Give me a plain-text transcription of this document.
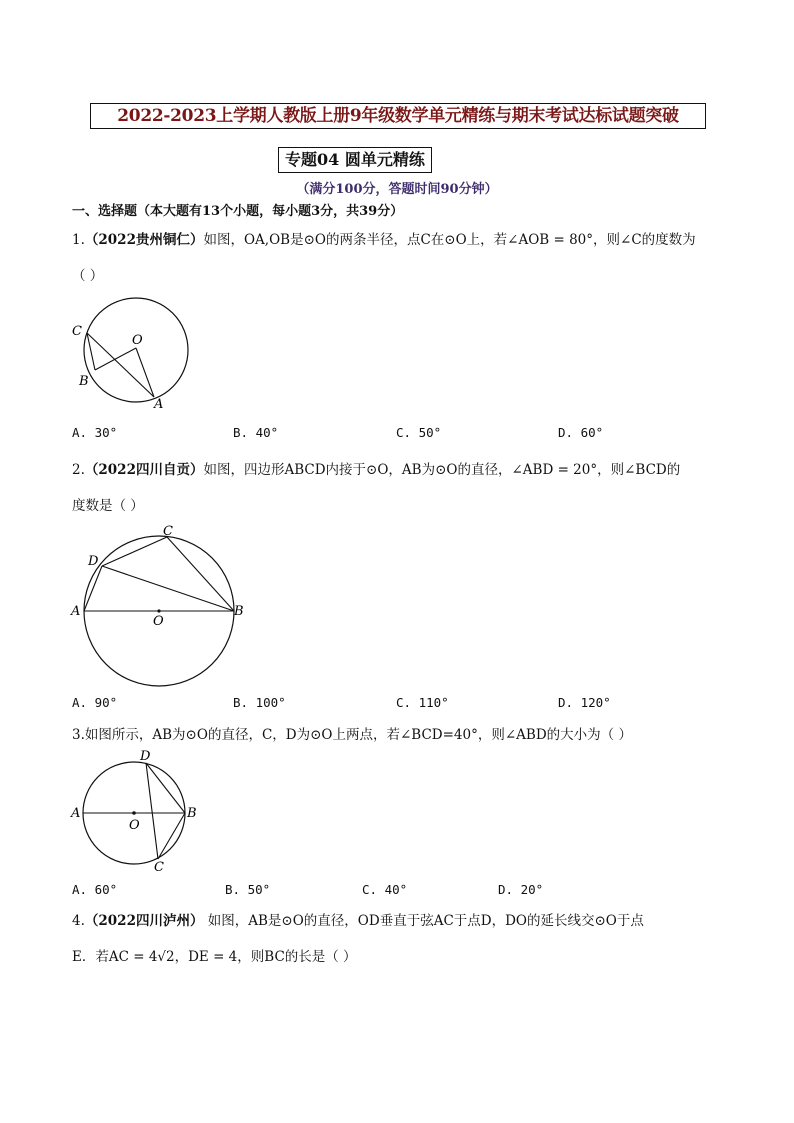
2022-2023上学期人教版上册9年级数学单元精练与期末考试达标试题突破
专题04 圆单元精练
（满分100分，答题时间90分钟）
一、选择题（本大题有13个小题，每小题3分，共39分）
1.（2022贵州铜仁）如图，OA,OB是⊙O的两条半径，点C在⊙O上，若∠AOB = 80°，则∠C的度数为
（ ）
C
O
B
A
A. 30°	B. 40°	C. 50°	D. 60°
2.（2022四川自贡）如图，四边形ABCD内接于⊙O，AB为⊙O的直径，∠ABD = 20°，则∠BCD的
度数是（ ）
C
D
A	B
O
A. 90°	B. 100°	C. 110°	D. 120°
3.如图所示，AB为⊙O的直径，C，D为⊙O上两点，若∠BCD=40°，则∠ABD的大小为（ ）
D
A
O
B
C
A. 60°	B. 50°	C. 40°	D. 20°
4.（2022四川泸州） 如图，AB是⊙O的直径，OD垂直于弦AC于点D，DO的延长线交⊙O于点
E．若AC = 4√2，DE = 4，则BC的长是（ ）
